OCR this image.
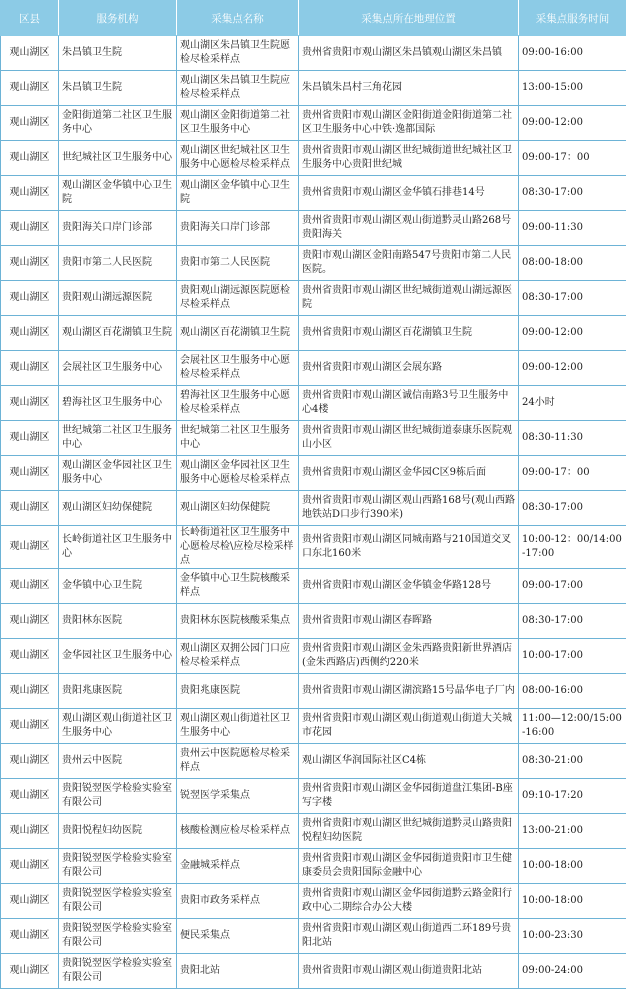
区县	服务机构	采集点名称	采集点所在地理位置	采集点服务时间
观山湖区	朱昌镇卫生院	观山湖区朱昌镇卫生院愿检尽检采样点	贵州省贵阳市观山湖区朱昌镇观山湖区朱昌镇	09:00-16:00
观山湖区	朱昌镇卫生院	观山湖区朱昌镇卫生院应检尽检采样点	朱昌镇朱昌村三角花园	13:00-15:00
观山湖区	金阳街道第二社区卫生服务中心	观山湖区金阳街道第二社区卫生服务中心	贵州省贵阳市观山湖区金阳街道金阳街道第二社区卫生服务中心中铁·逸都国际	09:00-12:00
观山湖区	世纪城社区卫生服务中心	观山湖区世纪城社区卫生服务中心愿检尽检采样点	贵州省贵阳市观山湖区世纪城街道世纪城社区卫生服务中心贵阳世纪城	09:00-17：00
观山湖区	观山湖区金华镇中心卫生院	观山湖区金华镇中心卫生院	贵州省贵阳市观山湖区金华镇石排巷14号	08:30-17:00
观山湖区	贵阳海关口岸门诊部	贵阳海关口岸门诊部	贵州省贵阳市观山湖区观山街道黔灵山路268号贵阳海关	09:00-11:30
观山湖区	贵阳市第二人民医院	贵阳市第二人民医院	贵阳市观山湖区金阳南路547号贵阳市第二人民医院。	08:00-18:00
观山湖区	贵阳观山湖远源医院	贵阳观山湖远源医院愿检尽检采样点	贵州省贵阳市观山湖区世纪城街道观山湖远源医院	08:30-17:00
观山湖区	观山湖区百花湖镇卫生院	观山湖区百花湖镇卫生院	贵州省贵阳市观山湖区百花湖镇卫生院	09:00-12:00
观山湖区	会展社区卫生服务中心	会展社区卫生服务中心愿检尽检采样点	贵州省贵阳市观山湖区会展东路	09:00-12:00
观山湖区	碧海社区卫生服务中心	碧海社区卫生服务中心愿检尽检采样点	贵州省贵阳市观山湖区诚信南路3号卫生服务中心4楼	24小时
观山湖区	世纪城第二社区卫生服务中心	世纪城第二社区卫生服务中心	贵州省贵阳市观山湖区世纪城街道泰康乐医院观山小区	08:30-11:30
观山湖区	观山湖区金华园社区卫生服务中心	观山湖区金华园社区卫生服务中心愿检尽检采样点	贵州省贵阳市观山湖区金华园C区9栋后面	09:00-17：00
观山湖区	观山湖区妇幼保健院	观山湖区妇幼保健院	贵州省贵阳市观山湖区观山西路168号(观山西路地铁站D口步行390米)	08:30-17:00
观山湖区	长岭街道社区卫生服务中心	长岭街道社区卫生服务中心愿检尽检\应检尽检采样点	贵州省贵阳市观山湖区同城南路与210国道交叉口东北160米	10:00-12：00/14:00-17:00
观山湖区	金华镇中心卫生院	金华镇中心卫生院核酸采样点	贵州省贵阳市观山湖区金华镇金华路128号	09:00-17:00
观山湖区	贵阳林东医院	贵阳林东医院核酸采集点	贵州省贵阳市观山湖区春晖路	08:30-17:00
观山湖区	金华园社区卫生服务中心	观山湖区双拥公园门口应检尽检采样点	贵州省贵阳市观山湖区金朱西路贵阳新世界酒店(金朱西路店)西侧约220米	10:00-17:00
观山湖区	贵阳兆康医院	贵阳兆康医院	贵州省贵阳市观山湖区湖滨路15号晶华电子厂内	08:00-16:00
观山湖区	观山湖区观山街道社区卫生服务中心	观山湖区观山街道社区卫生服务中心	贵州省贵阳市观山湖区观山街道观山街道大关城市花园	11:00—12:00/15:00-16:00
观山湖区	贵州云中医院	贵州云中医院愿检尽检采样点	观山湖区华润国际社区C4栋	08:30-21:00
观山湖区	贵阳锐翌医学检验实验室有限公司	锐翌医学采集点	贵州省贵阳市观山湖区金华园街道盘江集团-B座写字楼	09:10-17:20
观山湖区	贵阳悦程妇幼医院	核酸检测应检尽检采样点	贵州省贵阳市观山湖区世纪城街道黔灵山路贵阳悦程妇幼医院	13:00-21:00
观山湖区	贵阳锐翌医学检验实验室有限公司	金融城采样点	贵州省贵阳市观山湖区金华园街道贵阳市卫生健康委员会贵阳国际金融中心	10:00-18:00
观山湖区	贵阳锐翌医学检验实验室有限公司	贵阳市政务采样点	贵州省贵阳市观山湖区金华园街道黔云路金阳行政中心二期综合办公大楼	10:00-18:00
观山湖区	贵阳锐翌医学检验实验室有限公司	便民采集点	贵州省贵阳市观山湖区观山街道西二环189号贵阳北站	10:00-23:30
观山湖区	贵阳锐翌医学检验实验室有限公司	贵阳北站	贵州省贵阳市观山湖区观山街道贵阳北站	09:00-24:00
